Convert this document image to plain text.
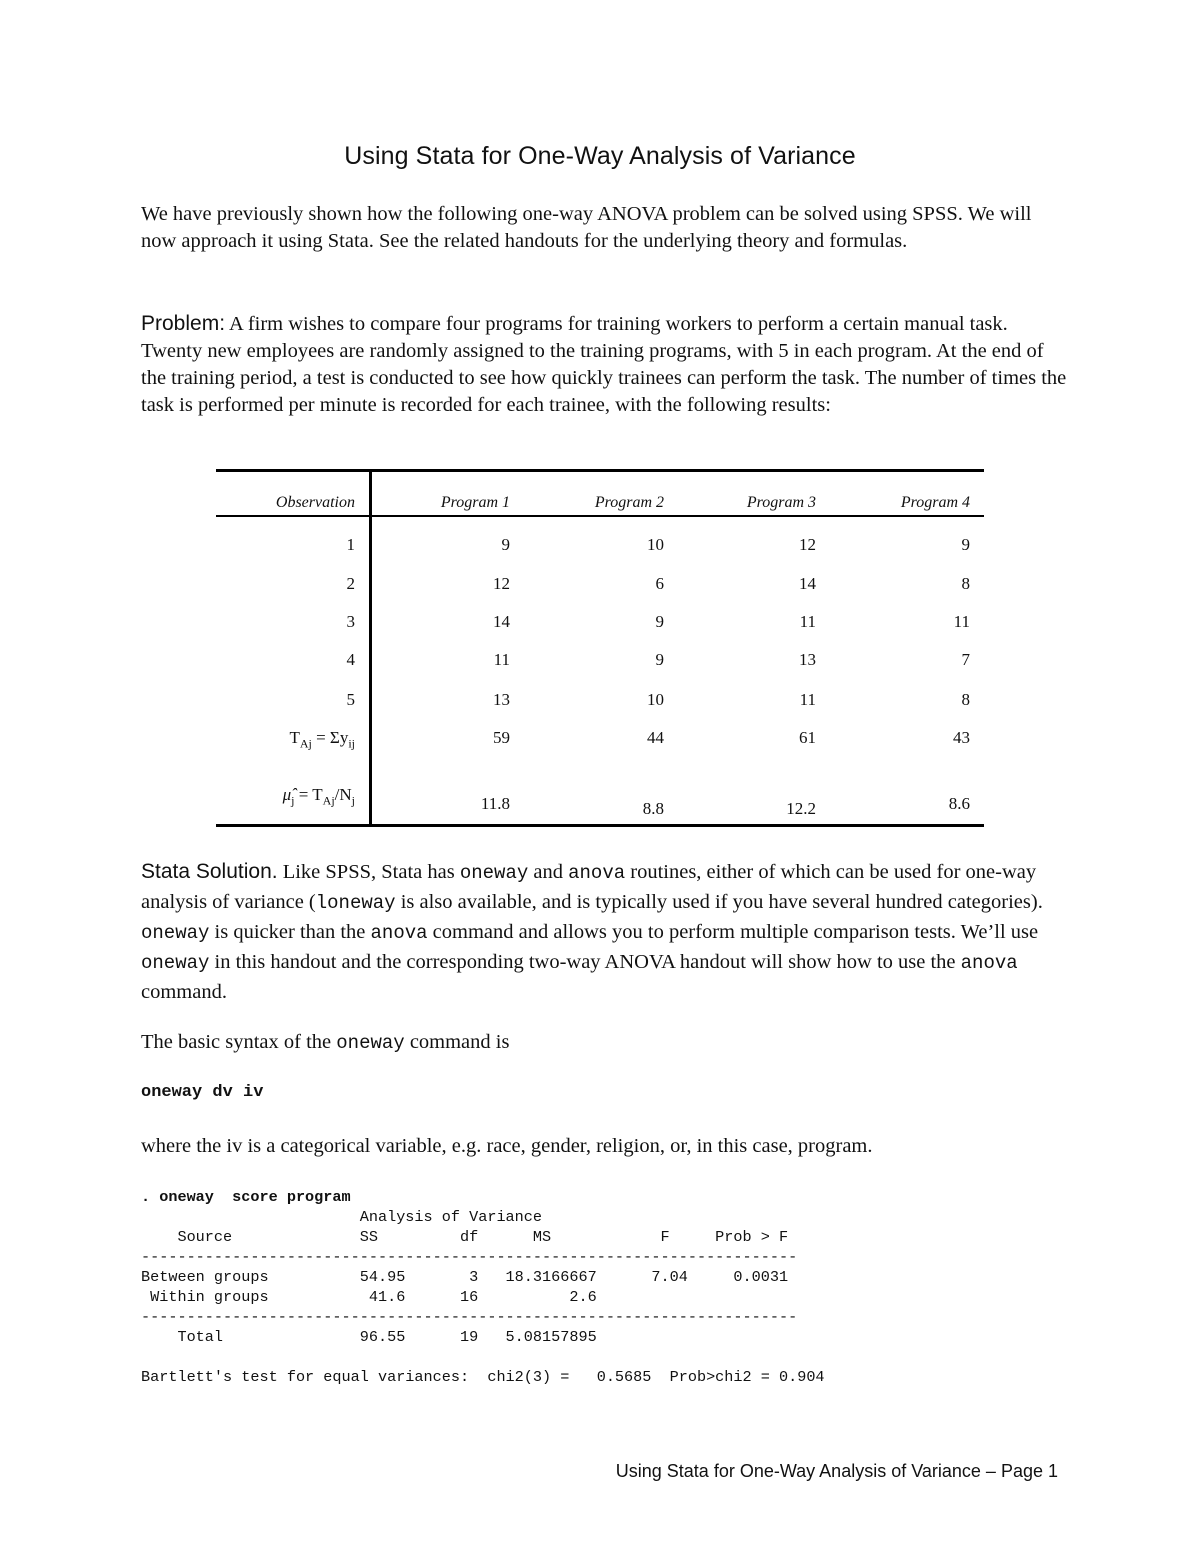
Using Stata for One-Way Analysis of Variance

We have previously shown how the following one-way ANOVA problem can be solved using SPSS. We will now approach it using Stata. See the related handouts for the underlying theory and formulas.

Problem: A firm wishes to compare four programs for training workers to perform a certain manual task. Twenty new employees are randomly assigned to the training programs, with 5 in each program. At the end of the training period, a test is conducted to see how quickly trainees can perform the task. The number of times the task is performed per minute is recorded for each trainee, with the following results:

Observation	Program 1	Program 2	Program 3	Program 4
1	9	10	12	9
2	12	6	14	8
3	14	9	11	11
4	11	9	13	7
5	13	10	11	8
$T_{Aj} = \Sigma y_{ij}$	59	44	61	43
$\mû_j = T_{Aj}/N_j$	11.8	8.8	12.2	8.6

Stata Solution. Like SPSS, Stata has oneway and anova routines, either of which can be used for one-way analysis of variance (loneway is also available, and is typically used if you have several hundred categories). oneway is quicker than the anova command and allows you to perform multiple comparison tests. We’ll use oneway in this handout and the corresponding two-way ANOVA handout will show how to use the anova command.

The basic syntax of the oneway command is

oneway dv iv

where the iv is a categorical variable, e.g. race, gender, religion, or, in this case, program.

. oneway  score program
Analysis of Variance
Source              SS         df      MS            F     Prob > F
------------------------------------------------------------------------
Between groups          54.95       3   18.3166667      7.04     0.0031
Within groups           41.6      16          2.6
------------------------------------------------------------------------
Total               96.55      19   5.08157895

Bartlett's test for equal variances:  chi2(3) =   0.5685  Prob>chi2 = 0.904
Using Stata for One-Way Analysis of Variance – Page 1
